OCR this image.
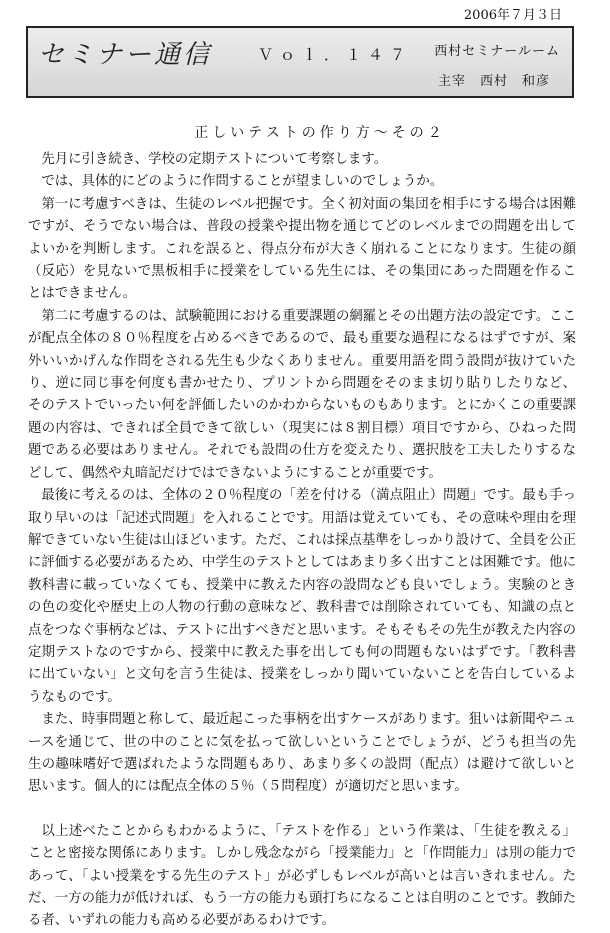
2006年７月３日
セミナー通信	Ｖｏｌ．１４７ 西村セミナールーム
主宰　西村　和彦
正しいテストの作り方～その２

先月に引き続き、学校の定期テストについて考察します。

では、具体的にどのように作問することが望ましいのでしょうか。

第一に考慮すべきは、生徒のレベル把握です。全く初対面の集団を相手にする場合は困難ですが、そうでない場合は、普段の授業や提出物を通じてどのレベルまでの問題を出してよいかを判断します。これを誤ると、得点分布が大きく崩れることになります。生徒の顔（反応）を見ないで黒板相手に授業をしている先生には、その集団にあった問題を作ることはできません。

第二に考慮するのは、試験範囲における重要課題の網羅とその出題方法の設定です。ここが配点全体の８０％程度を占めるべきであるので、最も重要な過程になるはずですが、案外いいかげんな作問をされる先生も少なくありません。重要用語を問う設問が抜けていたり、逆に同じ事を何度も書かせたり、プリントから問題をそのまま切り貼りしたりなど、そのテストでいったい何を評価したいのかわからないものもあります。とにかくこの重要課題の内容は、できれば全員できて欲しい（現実には８割目標）項目ですから、ひねった問題である必要はありません。それでも設問の仕方を変えたり、選択肢を工夫したりするなどして、偶然や丸暗記だけではできないようにすることが重要です。

最後に考えるのは、全体の２０％程度の「差を付ける（満点阻止）問題」です。最も手っ取り早いのは「記述式問題」を入れることです。用語は覚えていても、その意味や理由を理解できていない生徒は山ほどいます。ただ、これは採点基準をしっかり設けて、全員を公正に評価する必要があるため、中学生のテストとしてはあまり多く出すことは困難です。他に教科書に載っていなくても、授業中に教えた内容の設問なども良いでしょう。実験のときの色の変化や歴史上の人物の行動の意味など、教科書では削除されていても、知識の点と点をつなぐ事柄などは、テストに出すべきだと思います。そもそもその先生が教えた内容の定期テストなのですから、授業中に教えた事を出しても何の問題もないはずです。「教科書に出ていない」と文句を言う生徒は、授業をしっかり聞いていないことを告白しているようなものです。

また、時事問題と称して、最近起こった事柄を出すケースがあります。狙いは新聞やニュースを通じて、世の中のことに気を払って欲しいということでしょうが、どうも担当の先生の趣味嗜好で選ばれたような問題もあり、あまり多くの設問（配点）は避けて欲しいと思います。個人的には配点全体の５％（５問程度）が適切だと思います。

以上述べたことからもわかるように、「テストを作る」という作業は、「生徒を教える」ことと密接な関係にあります。しかし残念ながら「授業能力」と「作問能力」は別の能力であって、「よい授業をする先生のテスト」が必ずしもレベルが高いとは言いきれません。ただ、一方の能力が低ければ、もう一方の能力も頭打ちになることは自明のことです。教師たる者、いずれの能力も高める必要があるわけです。
